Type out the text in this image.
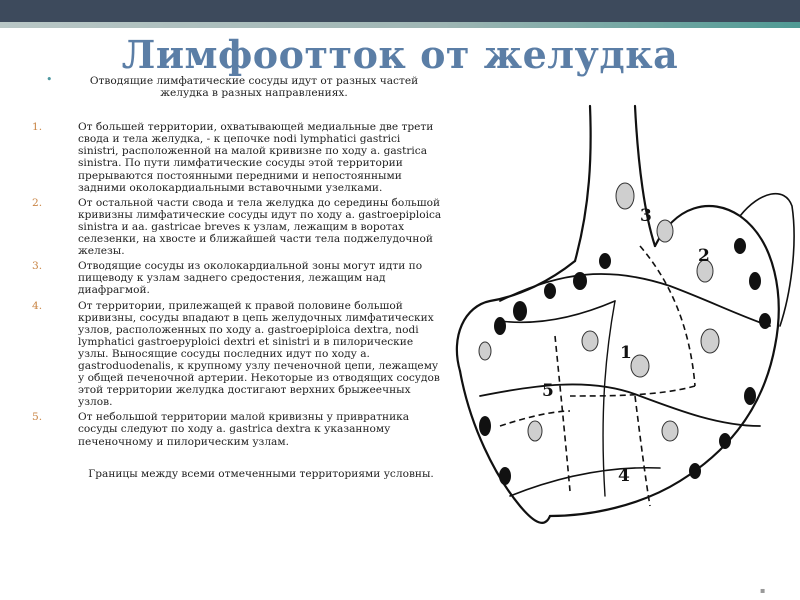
Лимфоотток от желудка
•	Отводящие лимфатические сосуды идут от разных частей желудка в разных направлениях.
1.	От большей территории, охватывающей медиальные две трети свода и тела желудка, - к цепочке nodi lymphatici gastrici sinistri, расположенной на малой кривизне по ходу a. gastrica sinistra. По пути лимфатические сосуды этой территории прерываются постоянными передними и непостоянными задними околокардиальными вставочными узелками.
2.	От остальной части свода и тела желудка до середины большой кривизны лимфатические сосуды идут по ходу a. gastroepiploica sinistra и aa. gastricae breves к узлам, лежащим в воротах селезенки, на хвосте и ближайшей части тела поджелудочной железы.
3.	Отводящие сосуды из околокардиальной зоны могут идти по пищеводу к узлам заднего средостения, лежащим над диафрагмой.
4.	От территории, прилежащей к правой половине большой кривизны, сосуды впадают в цепь желудочных лимфатических узлов, расположенных по ходу a. gastroepiploica dextra, nodi lymphatici gastroepyploici dextri et sinistri и в пилорические узлы. Выносящие сосуды последних идут по ходу a. gastroduodenalis, к крупному узлу печеночной цепи, лежащему у общей печеночной артерии. Некоторые из отводящих сосудов этой территории желудка достигают верхних брыжеечных узлов.
5.	От небольшой территории малой кривизны у привратника сосуды следуют по ходу a. gastrica dextra к указанному печеночному и пилорическим узлам.
Границы между всеми отмеченными территориями условны.
1
2
3
4
5
▪
